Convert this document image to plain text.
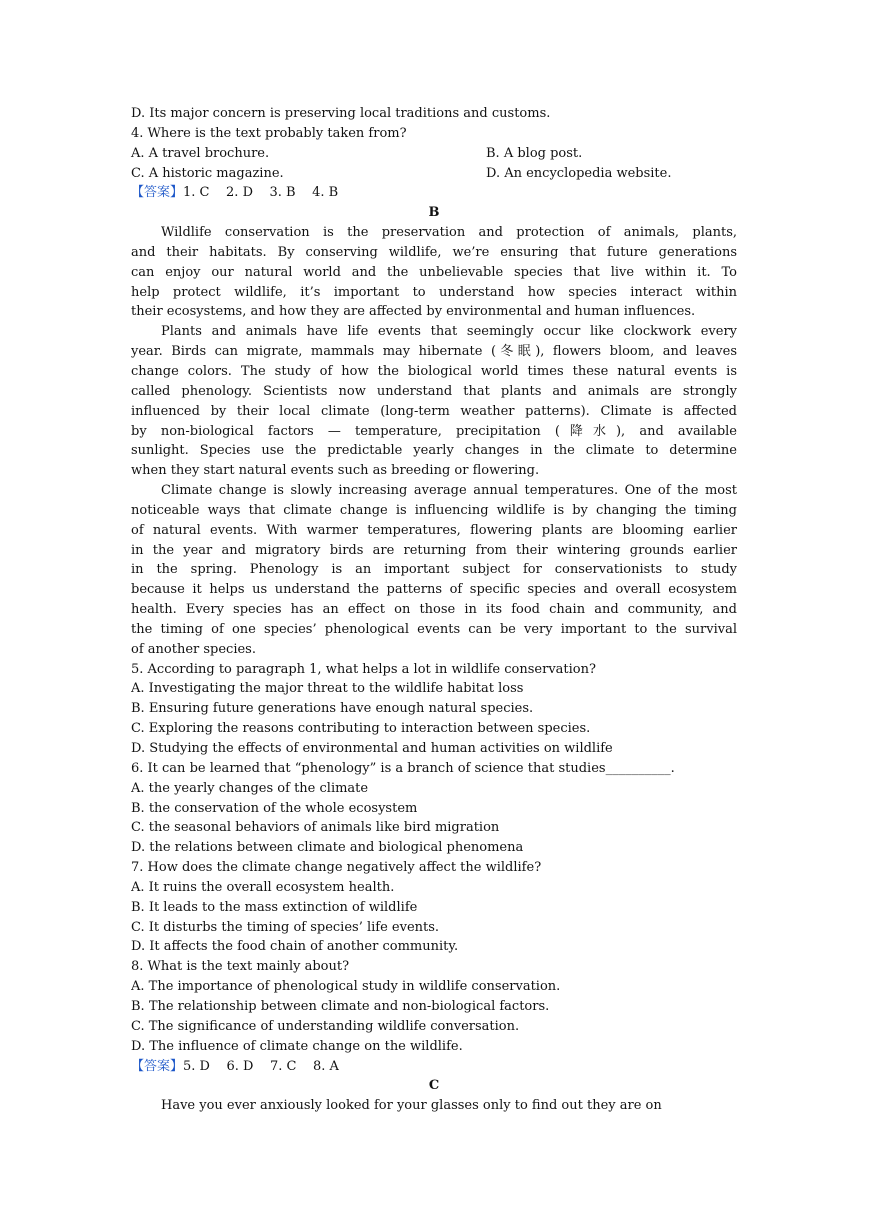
D. Its major concern is preserving local traditions and customs.
4. Where is the text probably taken from?
A. A travel brochure.	B. A blog post.
C. A historic magazine.	D. An encyclopedia website.
【答案】1. C    2. D    3. B    4. B
B
Wildlife conservation is the preservation and protection of animals, plants,
and their habitats. By conserving wildlife, we’re ensuring that future generations
can enjoy our natural world and the unbelievable species that live within it. To
help protect wildlife, it’s important to understand how species interact within
their ecosystems, and how they are affected by environmental and human influences.
Plants and animals have life events that seemingly occur like clockwork every
year. Birds can migrate, mammals may hibernate (冬眠), flowers bloom, and leaves
change colors. The study of how the biological world times these natural events is
called phenology. Scientists now understand that plants and animals are strongly
influenced by their local climate (long-term weather patterns). Climate is affected
by non-biological factors — temperature, precipitation (降水), and available
sunlight. Species use the predictable yearly changes in the climate to determine
when they start natural events such as breeding or flowering.
Climate change is slowly increasing average annual temperatures. One of the most
noticeable ways that climate change is influencing wildlife is by changing the timing
of natural events. With warmer temperatures, flowering plants are blooming earlier
in the year and migratory birds are returning from their wintering grounds earlier
in the spring. Phenology is an important subject for conservationists to study
because it helps us understand the patterns of specific species and overall ecosystem
health. Every species has an effect on those in its food chain and community, and
the timing of one species’ phenological events can be very important to the survival
of another species.
5. According to paragraph 1, what helps a lot in wildlife conservation?
A. Investigating the major threat to the wildlife habitat loss
B. Ensuring future generations have enough natural species.
C. Exploring the reasons contributing to interaction between species.
D. Studying the effects of environmental and human activities on wildlife
6. It can be learned that “phenology” is a branch of science that studies__________.
A. the yearly changes of the climate
B. the conservation of the whole ecosystem
C. the seasonal behaviors of animals like bird migration
D. the relations between climate and biological phenomena
7. How does the climate change negatively affect the wildlife?
A. It ruins the overall ecosystem health.
B. It leads to the mass extinction of wildlife
C. It disturbs the timing of species’ life events.
D. It affects the food chain of another community.
8. What is the text mainly about?
A. The importance of phenological study in wildlife conservation.
B. The relationship between climate and non-biological factors.
C. The significance of understanding wildlife conversation.
D. The influence of climate change on the wildlife.
【答案】5. D    6. D    7. C    8. A
C
Have you ever anxiously looked for your glasses only to find out they are on
